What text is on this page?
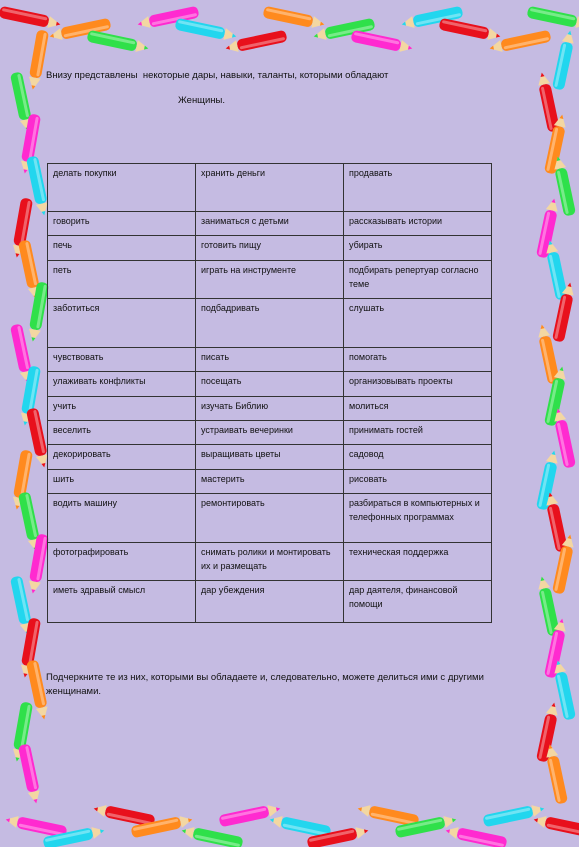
Внизу представлены  некоторые дары, навыки, таланты, которыми обладают
Женщины.
делать покупки	хранить деньги	продавать
говорить	заниматься с детьми	рассказывать истории
печь	готовить пищу	убирать
петь	играть на инструменте	подбирать репертуар согласно теме
заботиться	подбадривать	слушать
чувствовать	писать	помогать
улаживать конфликты	посещать	организовывать проекты
учить	изучать Библию	молиться
веселить	устраивать вечеринки	принимать гостей
декорировать	выращивать цветы	садовод
шить	мастерить	рисовать
водить машину	ремонтировать	разбираться в компьютерных и телефонных программах
фотографировать	снимать ролики и монтировать их и размещать	техническая поддержка
иметь здравый смысл	дар убеждения	дар даятеля, финансовой помощи
Подчеркните те из них, которыми вы обладаете и, следовательно, можете делиться ими с другими женщинами.
